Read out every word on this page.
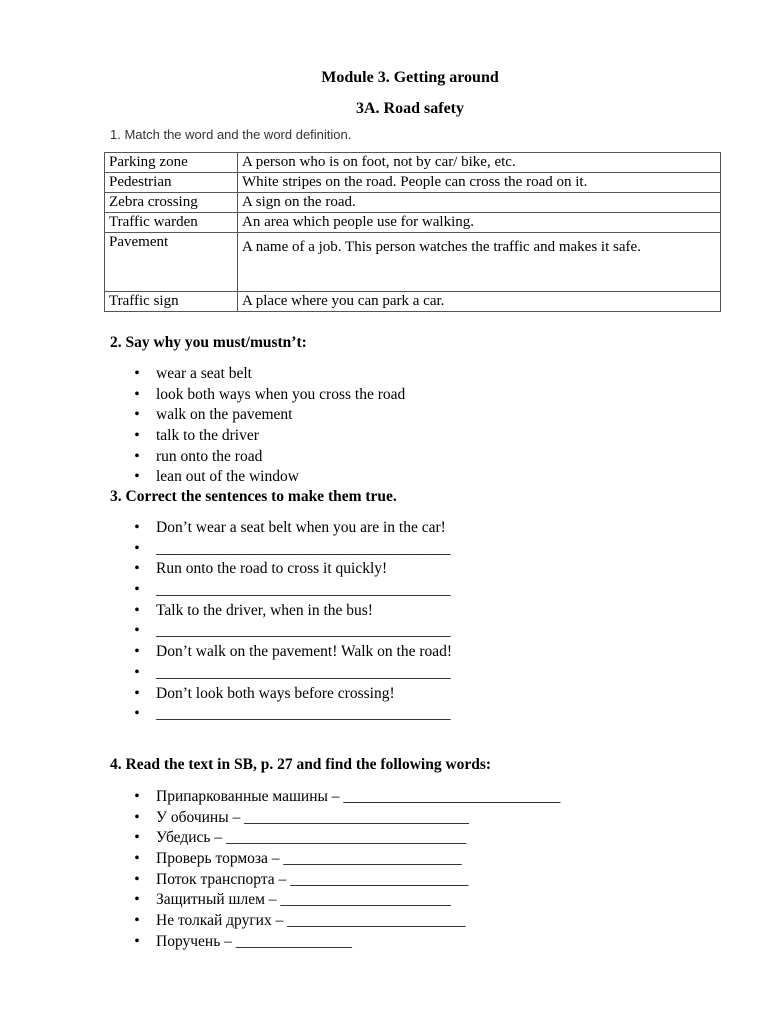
Module 3. Getting around
3A. Road safety
1. Match the word and the word definition.
Parking zone	A person who is on foot, not by car/ bike, etc.
Pedestrian	White stripes on the road. People can cross the road on it.
Zebra crossing	A sign on the road.
Traffic warden	An area which people use for walking.
Pavement	A name of a job. This person watches the traffic and makes it safe.
Traffic sign	A place where you can park a car.
2. Say why you must/mustn’t:
• wear a seat belt
• look both ways when you cross the road
• walk on the pavement
• talk to the driver
• run onto the road
• lean out of the window
3. Correct the sentences to make them true.
• Don’t wear a seat belt when you are in the car!
• ______________________________________
• Run onto the road to cross it quickly!
• ______________________________________
• Talk to the driver, when in the bus!
• ______________________________________
• Don’t walk on the pavement! Walk on the road!
• ______________________________________
• Don’t look both ways before crossing!
• ______________________________________
4. Read the text in SB, p. 27 and find the following words:
• Припаркованные машины – ____________________________
• У обочины – _____________________________
• Убедись – _______________________________
• Проверь тормоза – _______________________
• Поток транспорта – _______________________
• Защитный шлем – ______________________
• Не толкай других – _______________________
• Поручень – _______________
